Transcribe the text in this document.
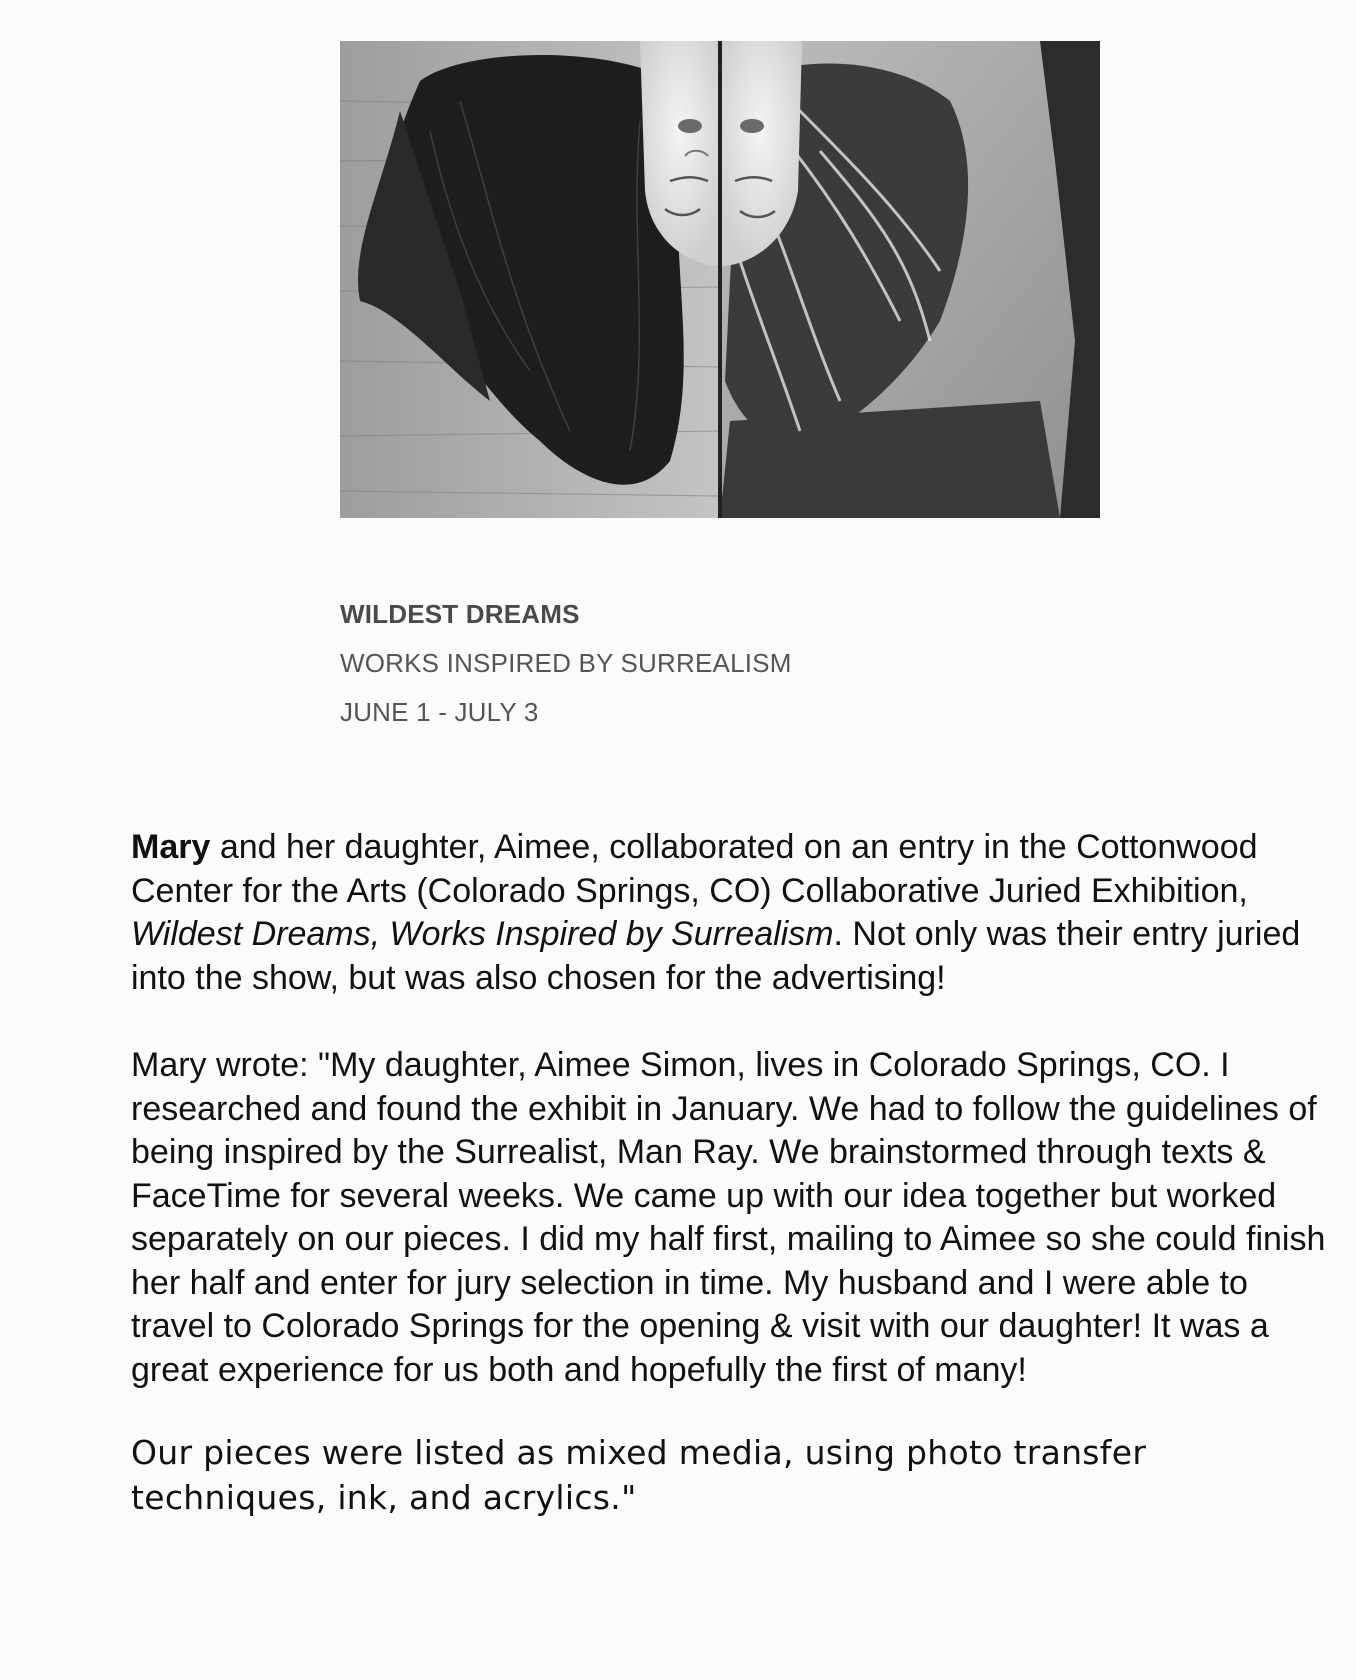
WILDEST DREAMS
WORKS INSPIRED BY SURREALISM
JUNE 1 - JULY 3

Mary and her daughter, Aimee, collaborated on an entry in the Cottonwood Center for the Arts (Colorado Springs, CO) Collaborative Juried Exhibition, Wildest Dreams, Works Inspired by Surrealism. Not only was their entry juried into the show, but was also chosen for the advertising!

Mary wrote: "My daughter, Aimee Simon, lives in Colorado Springs, CO. I researched and found the exhibit in January. We had to follow the guidelines of being inspired by the Surrealist, Man Ray. We brainstormed through texts & FaceTime for several weeks. We came up with our idea together but worked separately on our pieces. I did my half first, mailing to Aimee so she could finish her half and enter for jury selection in time. My husband and I were able to travel to Colorado Springs for the opening & visit with our daughter! It was a great experience for us both and hopefully the first of many!

Our pieces were listed as mixed media, using photo transfer techniques, ink, and acrylics."
